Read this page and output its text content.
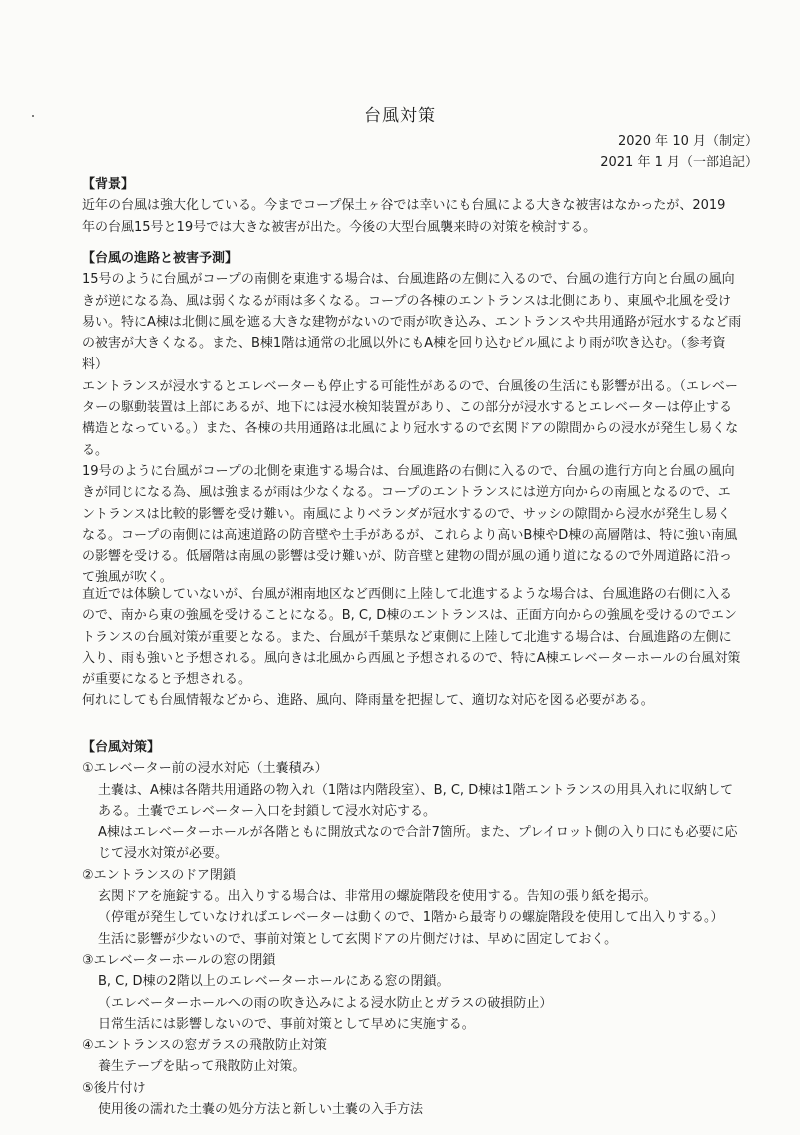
台風対策
2020 年 10 月（制定）
2021 年 1 月（一部追記）
【背景】

近年の台風は強大化している。今までコープ保土ヶ谷では幸いにも台風による大きな被害はなかったが、2019 年の台風15号と19号では大きな被害が出た。今後の大型台風襲来時の対策を検討する。

【台風の進路と被害予測】

15号のように台風がコープの南側を東進する場合は、台風進路の左側に入るので、台風の進行方向と台風の風向きが逆になる為、風は弱くなるが雨は多くなる。コープの各棟のエントランスは北側にあり、東風や北風を受け易い。特にA棟は北側に風を遮る大きな建物がないので雨が吹き込み、エントランスや共用通路が冠水するなど雨の被害が大きくなる。また、B棟1階は通常の北風以外にもA棟を回り込むビル風により雨が吹き込む。（参考資料）

エントランスが浸水するとエレベーターも停止する可能性があるので、台風後の生活にも影響が出る。（エレベーターの駆動装置は上部にあるが、地下には浸水検知装置があり、この部分が浸水するとエレベーターは停止する構造となっている。）また、各棟の共用通路は北風により冠水するので玄関ドアの隙間からの浸水が発生し易くなる。

19号のように台風がコープの北側を東進する場合は、台風進路の右側に入るので、台風の進行方向と台風の風向きが同じになる為、風は強まるが雨は少なくなる。コープのエントランスには逆方向からの南風となるので、エントランスは比較的影響を受け難い。南風によりベランダが冠水するので、サッシの隙間から浸水が発生し易くなる。コープの南側には高速道路の防音壁や土手があるが、これらより高いB棟やD棟の高層階は、特に強い南風の影響を受ける。低層階は南風の影響は受け難いが、防音壁と建物の間が風の通り道になるので外周道路に沿って強風が吹く。

直近では体験していないが、台風が湘南地区など西側に上陸して北進するような場合は、台風進路の右側に入るので、南から東の強風を受けることになる。B, C, D棟のエントランスは、正面方向からの強風を受けるのでエントランスの台風対策が重要となる。また、台風が千葉県など東側に上陸して北進する場合は、台風進路の左側に入り、雨も強いと予想される。風向きは北風から西風と予想されるので、特にA棟エレベーターホールの台風対策が重要になると予想される。

何れにしても台風情報などから、進路、風向、降雨量を把握して、適切な対応を図る必要がある。

【台風対策】
①エレベーター前の浸水対応（土嚢積み）

土嚢は、A棟は各階共用通路の物入れ（1階は内階段室）、B, C, D棟は1階エントランスの用具入れに収納してある。土嚢でエレベーター入口を封鎖して浸水対応する。

A棟はエレベーターホールが各階ともに開放式なので合計7箇所。また、プレイロット側の入り口にも必要に応じて浸水対策が必要。

②エントランスのドア閉鎖

玄関ドアを施錠する。出入りする場合は、非常用の螺旋階段を使用する。告知の張り紙を掲示。

（停電が発生していなければエレベーターは動くので、1階から最寄りの螺旋階段を使用して出入りする。）

生活に影響が少ないので、事前対策として玄関ドアの片側だけは、早めに固定しておく。

③エレベーターホールの窓の閉鎖

B, C, D棟の2階以上のエレベーターホールにある窓の閉鎖。

（エレベーターホールへの雨の吹き込みによる浸水防止とガラスの破損防止）

日常生活には影響しないので、事前対策として早めに実施する。

④エントランスの窓ガラスの飛散防止対策

養生テープを貼って飛散防止対策。

⑤後片付け

使用後の濡れた土嚢の処分方法と新しい土嚢の入手方法
